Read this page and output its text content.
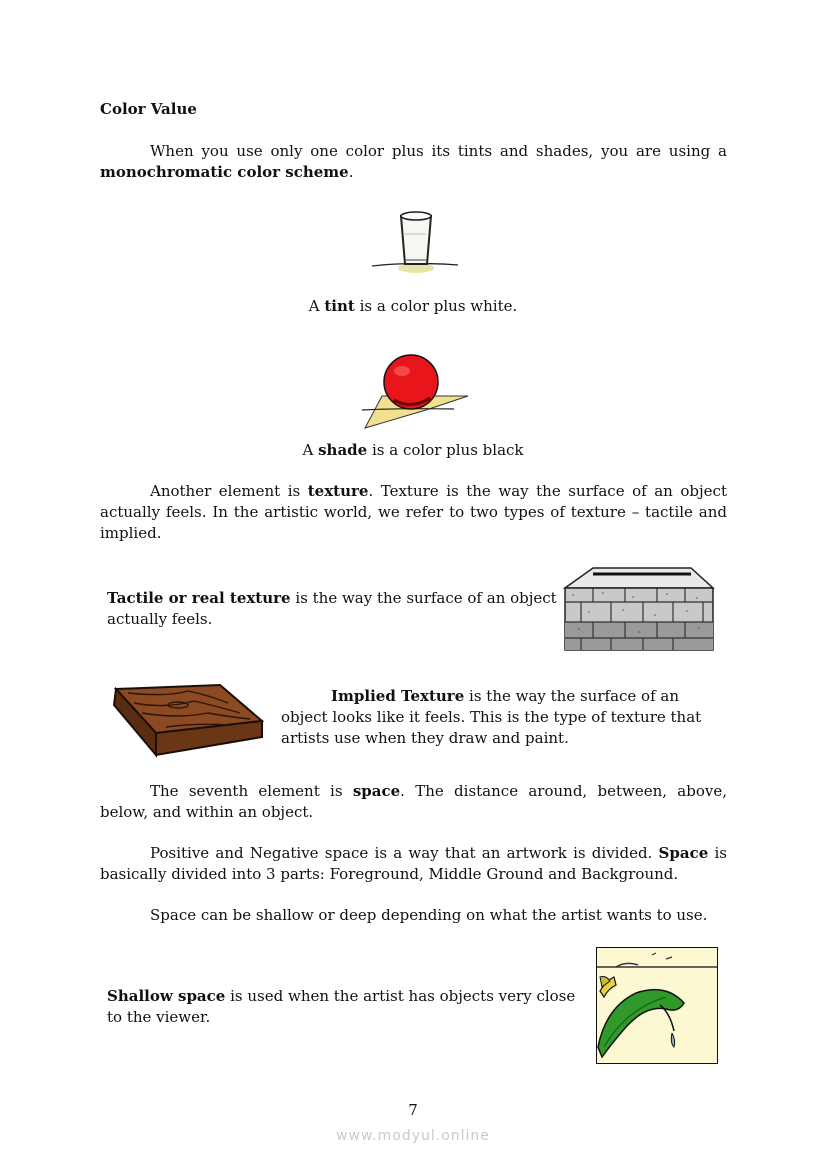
Color Value
When you use only one color plus its tints and shades, you are using a monochromatic color scheme.
A tint is a color plus white.
A shade is a color plus black
Another element is texture. Texture is the way the surface of an object actually feels. In the artistic world, we refer to two types of texture – tactile and implied.
Tactile or real texture is the way the surface of an object actually feels.
Implied Texture is the way the surface of an object looks like it feels. This is the type of texture that artists use when they draw and paint.
The seventh element is space. The distance around, between, above, below, and within an object.
Positive and Negative space is a way that an artwork is divided. Space is basically divided into 3 parts: Foreground, Middle Ground and Background.
Space can be shallow or deep depending on what the artist wants to use.
Shallow space is used when the artist has objects very close to the viewer.
7
www.modyul.online
